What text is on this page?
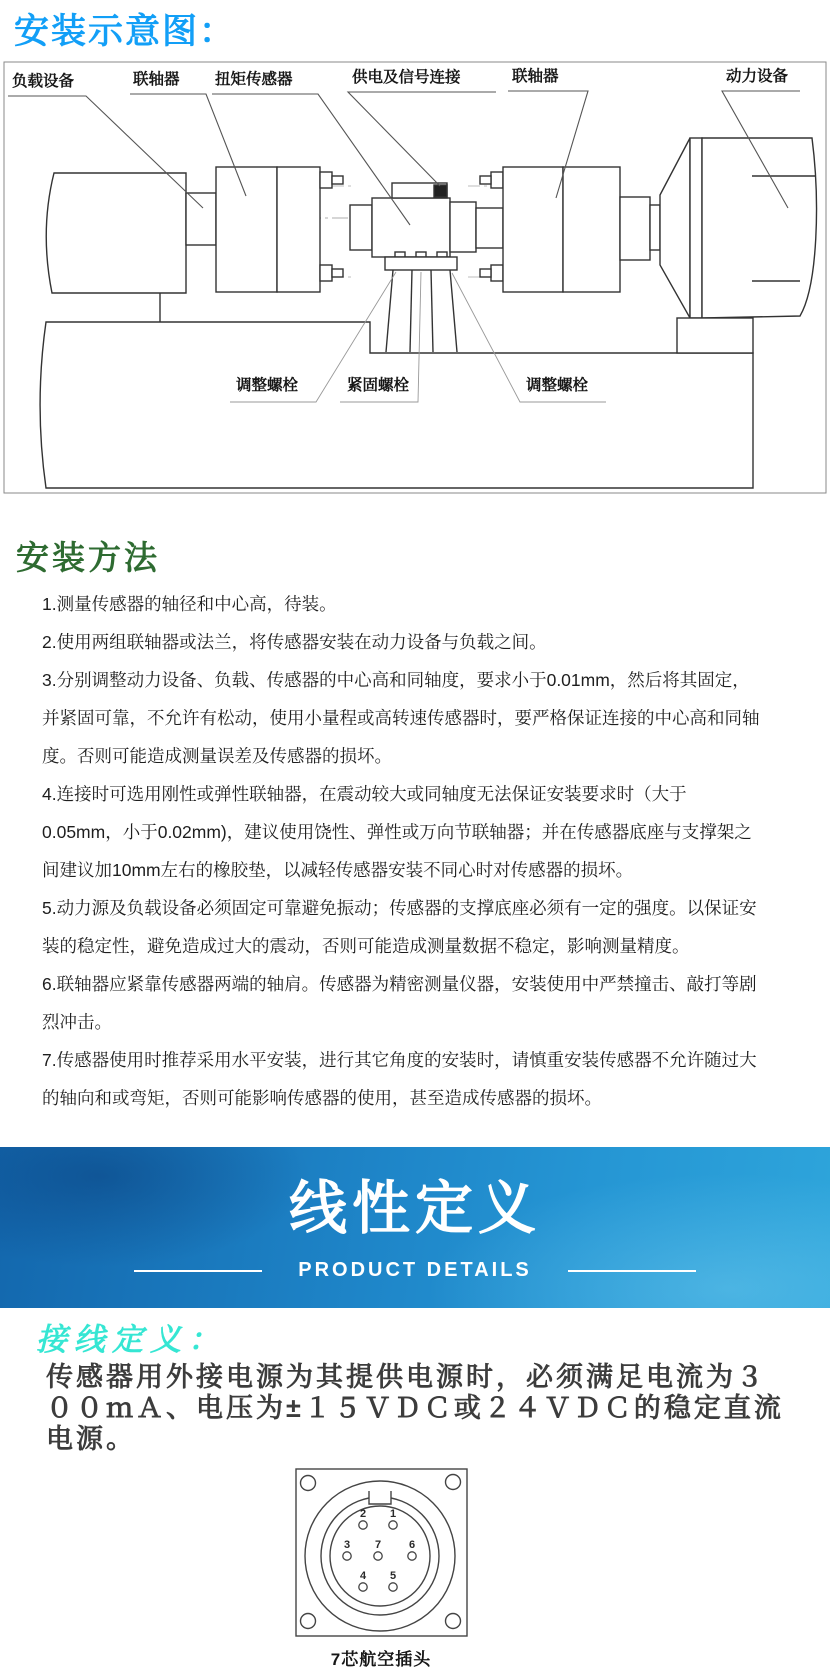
安装示意图：
负载设备	联轴器 扭矩传感器	供电及信号连接	联轴器	动力设备
调整螺栓	紧固螺栓	调整螺栓
安装方法

1.测量传感器的轴径和中心高，待装。

2.使用两组联轴器或法兰，将传感器安装在动力设备与负载之间。

3.分别调整动力设备、负载、传感器的中心高和同轴度，要求小于0.01mm，然后将其固定，并紧固可靠，不允许有松动，使用小量程或高转速传感器时，要严格保证连接的中心高和同轴度。否则可能造成测量误差及传感器的损坏。

4.连接时可选用刚性或弹性联轴器，在震动较大或同轴度无法保证安装要求时（大于0.05mm，小于0.02mm)，建议使用饶性、弹性或万向节联轴器；并在传感器底座与支撑架之间建议加10mm左右的橡胶垫，以减轻传感器安装不同心时对传感器的损坏。

5.动力源及负载设备必须固定可靠避免振动；传感器的支撑底座必须有一定的强度。以保证安装的稳定性，避免造成过大的震动，否则可能造成测量数据不稳定，影响测量精度。

6.联轴器应紧靠传感器两端的轴肩。传感器为精密测量仪器，安装使用中严禁撞击、敲打等剧烈冲击。

7.传感器使用时推荐采用水平安装，进行其它角度的安装时，请慎重安装传感器不允许随过大的轴向和或弯矩，否则可能影响传感器的使用，甚至造成传感器的损坏。

线性定义
PRODUCT DETAILS
接线定义：
传感器用外接电源为其提供电源时，必须满足电流为３００ｍＡ、电压为±１５ＶＤＣ或２４ＶＤＣ的稳定直流电源。
2 1
3 7	6
4 5
7芯航空插头
